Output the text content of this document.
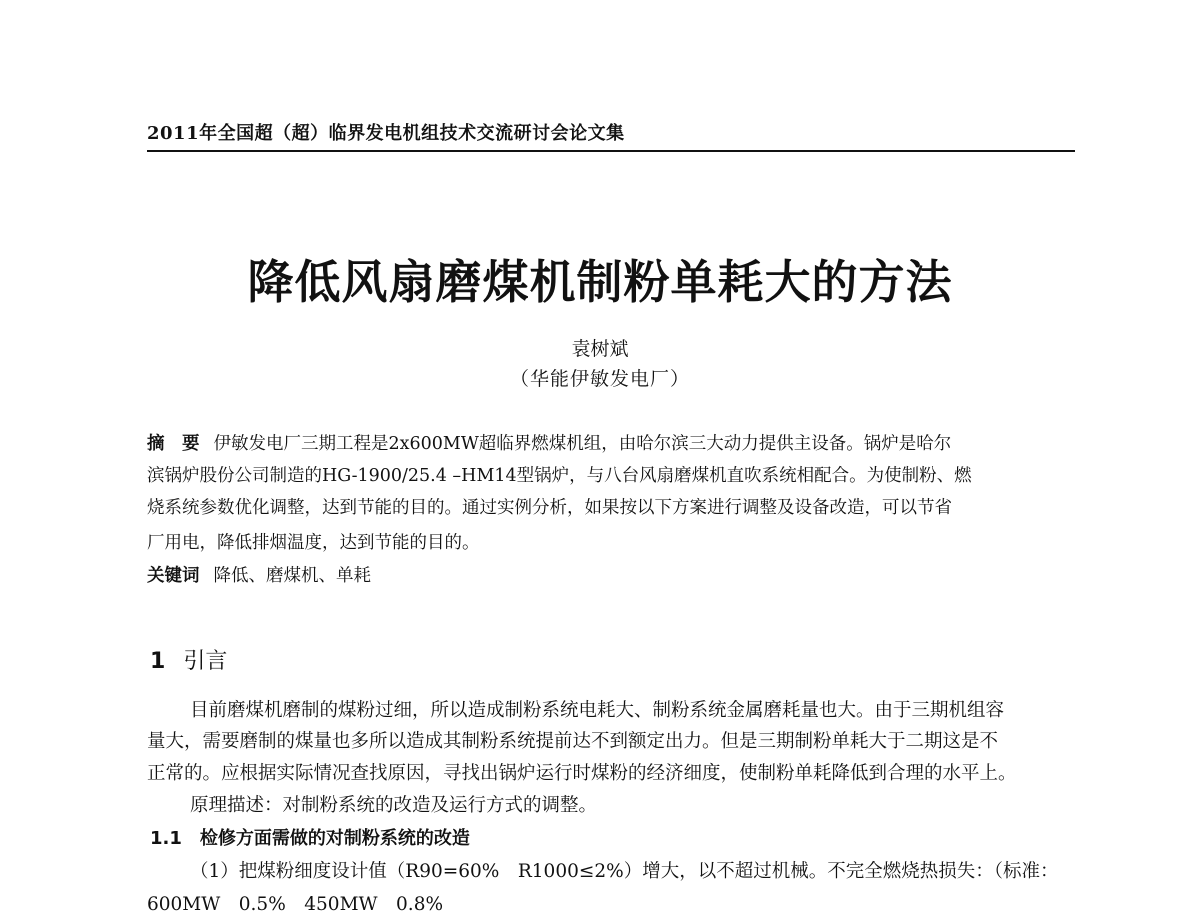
2011年全国超（超）临界发电机组技术交流研讨会论文集
降低风扇磨煤机制粉单耗大的方法
袁树斌
（华能伊敏发电厂）
摘　要 伊敏发电厂三期工程是2x600MW超临界燃煤机组，由哈尔滨三大动力提供主设备。锅炉是哈尔
滨锅炉股份公司制造的HG-1900/25.4 –HM14型锅炉，与八台风扇磨煤机直吹系统相配合。为使制粉、燃
烧系统参数优化调整，达到节能的目的。通过实例分析，如果按以下方案进行调整及设备改造，可以节省
厂用电，降低排烟温度，达到节能的目的。
关键词 降低、磨煤机、单耗
1 引言
目前磨煤机磨制的煤粉过细，所以造成制粉系统电耗大、制粉系统金属磨耗量也大。由于三期机组容
量大，需要磨制的煤量也多所以造成其制粉系统提前达不到额定出力。但是三期制粉单耗大于二期这是不
正常的。应根据实际情况查找原因，寻找出锅炉运行时煤粉的经济细度，使制粉单耗降低到合理的水平上。
原理描述：对制粉系统的改造及运行方式的调整。
1.1 检修方面需做的对制粉系统的改造
（1）把煤粉细度设计值（R90=60%　R1000≤2%）增大，以不超过机械。不完全燃烧热损失：（标准：
600MW　0.5%　450MW　0.8%
